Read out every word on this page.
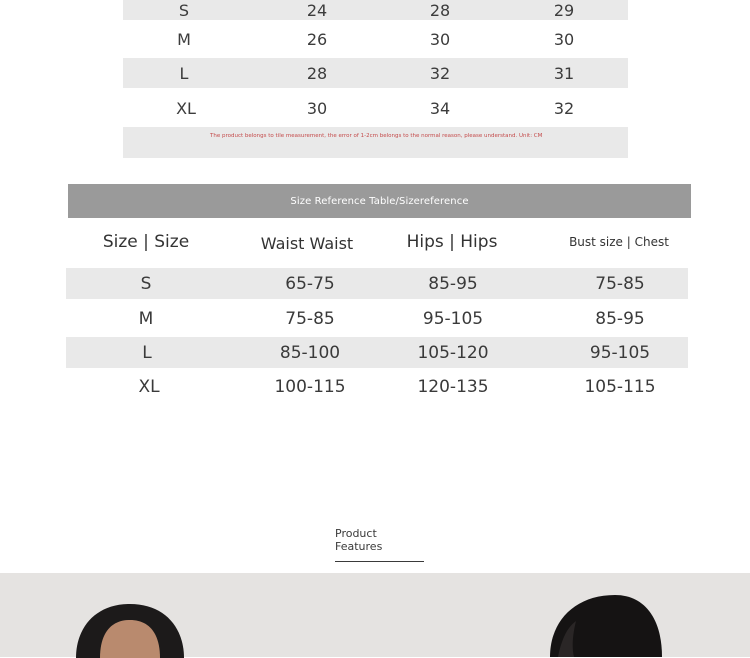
S	24	28	29
M	26	30	30
L	28	32	31
XL	30	34	32
The product belongs to tile measurement, the error of 1-2cm belongs to the normal reason, please understand. Unit: CM
Size Reference Table/Sizereference
Size | Size	Waist Waist	Hips | Hips	Bust size | Chest
S	65-75	85-95	75-85
M	75-85	95-105	85-95
L	85-100	105-120	95-105
XL	100-115	120-135	105-115
Product
Features
